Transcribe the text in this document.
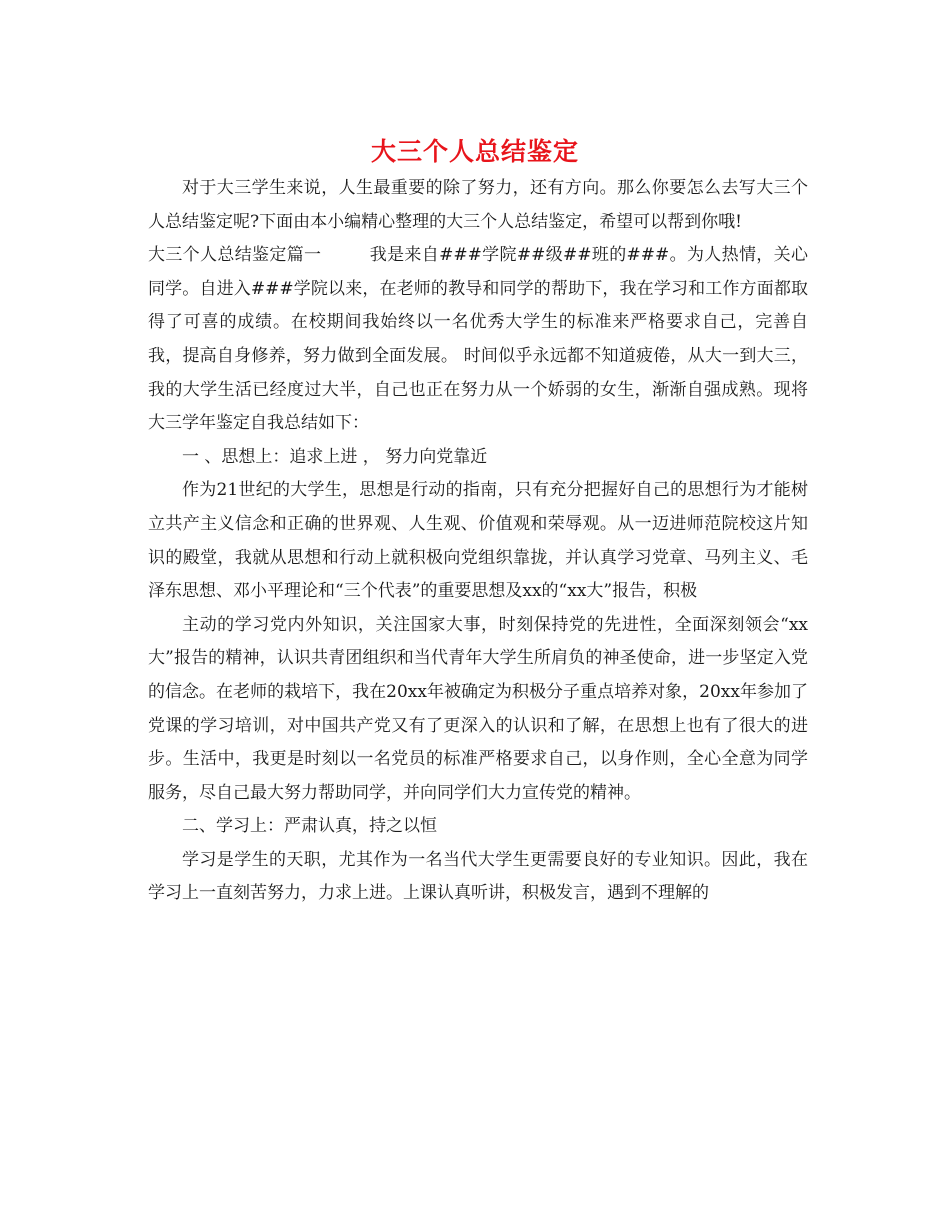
大三个人总结鉴定

对于大三学生来说，人生最重要的除了努力，还有方向。那么你要怎么去写大三个人总结鉴定呢?下面由本小编精心整理的大三个人总结鉴定，希望可以帮到你哦!

大三个人总结鉴定篇一	我是来自###学院##级##班的###。为人热情，关心同学。自进入###学院以来，在老师的教导和同学的帮助下，我在学习和工作方面都取得了可喜的成绩。在校期间我始终以一名优秀大学生的标准来严格要求自己，完善自我，提高自身修养，努力做到全面发展。 时间似乎永远都不知道疲倦，从大一到大三，我的大学生活已经度过大半，自己也正在努力从一个娇弱的女生，渐渐自强成熟。现将大三学年鉴定自我总结如下：

一 、思想上：追求上进 ， 努力向党靠近

作为21世纪的大学生，思想是行动的指南，只有充分把握好自己的思想行为才能树立共产主义信念和正确的世界观、人生观、价值观和荣辱观。从一迈进师范院校这片知识的殿堂，我就从思想和行动上就积极向党组织靠拢，并认真学习党章、马列主义、毛泽东思想、邓小平理论和“三个代表”的重要思想及xx的“xx大”报告，积极

主动的学习党内外知识，关注国家大事，时刻保持党的先进性，全面深刻领会“xx大”报告的精神，认识共青团组织和当代青年大学生所肩负的神圣使命，进一步坚定入党的信念。在老师的栽培下，我在20xx年被确定为积极分子重点培养对象，20xx年参加了党课的学习培训，对中国共产党又有了更深入的认识和了解，在思想上也有了很大的进步。生活中，我更是时刻以一名党员的标准严格要求自己，以身作则，全心全意为同学服务，尽自己最大努力帮助同学，并向同学们大力宣传党的精神。

二、学习上：严肃认真，持之以恒

学习是学生的天职，尤其作为一名当代大学生更需要良好的专业知识。因此，我在学习上一直刻苦努力，力求上进。上课认真听讲，积极发言，遇到不理解的
